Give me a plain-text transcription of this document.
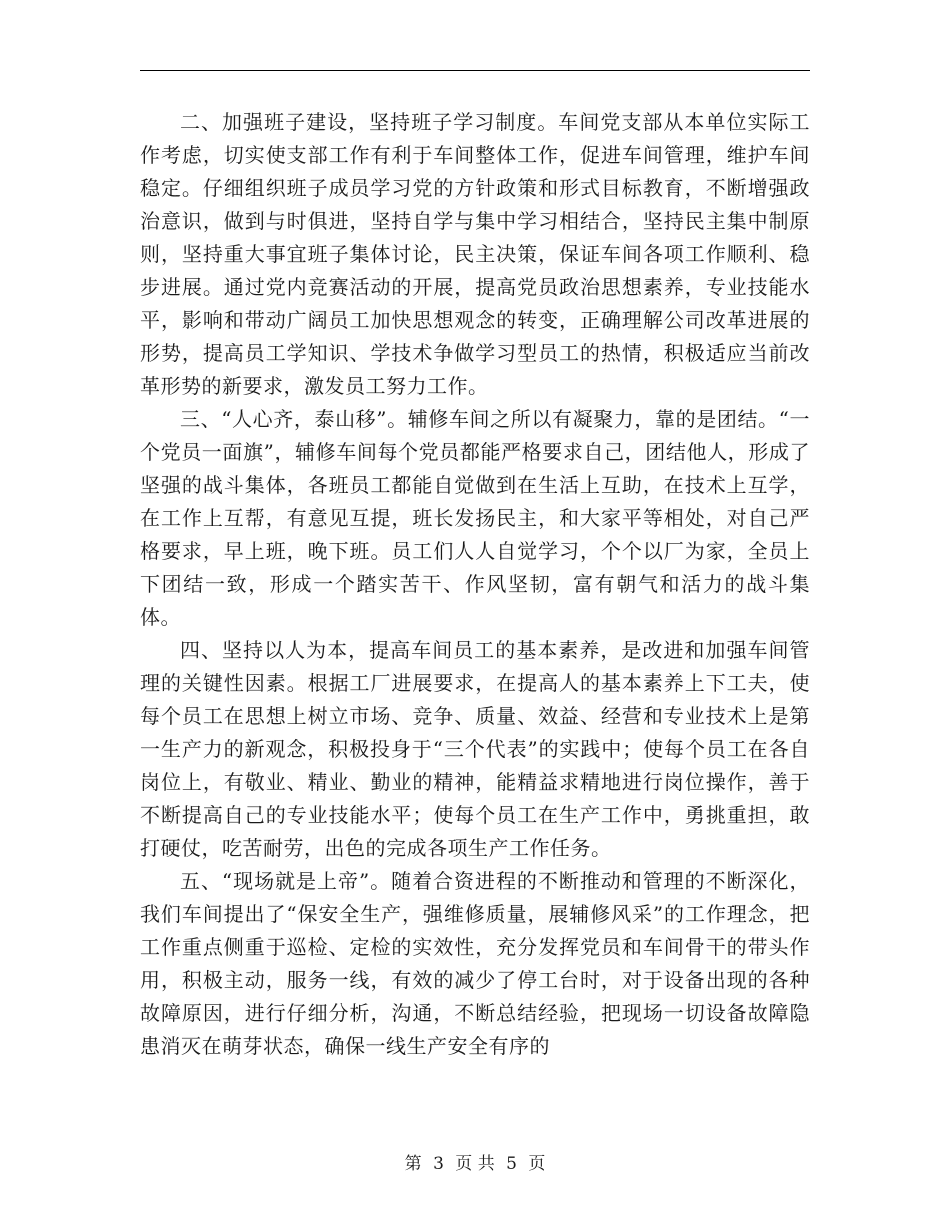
二、加强班子建设，坚持班子学习制度。车间党支部从本单位实际工作考虑，切实使支部工作有利于车间整体工作，促进车间管理，维护车间稳定。仔细组织班子成员学习党的方针政策和形式目标教育，不断增强政治意识，做到与时俱进，坚持自学与集中学习相结合，坚持民主集中制原则，坚持重大事宜班子集体讨论，民主决策，保证车间各项工作顺利、稳步进展。通过党内竞赛活动的开展，提高党员政治思想素养，专业技能水平，影响和带动广阔员工加快思想观念的转变，正确理解公司改革进展的形势，提高员工学知识、学技术争做学习型员工的热情，积极适应当前改革形势的新要求，激发员工努力工作。

三、“人心齐，泰山移”。辅修车间之所以有凝聚力，靠的是团结。“一个党员一面旗”，辅修车间每个党员都能严格要求自己，团结他人，形成了坚强的战斗集体，各班员工都能自觉做到在生活上互助，在技术上互学，在工作上互帮，有意见互提，班长发扬民主，和大家平等相处，对自己严格要求，早上班，晚下班。员工们人人自觉学习，个个以厂为家，全员上下团结一致，形成一个踏实苦干、作风坚韧，富有朝气和活力的战斗集体。

四、坚持以人为本，提高车间员工的基本素养，是改进和加强车间管理的关键性因素。根据工厂进展要求，在提高人的基本素养上下工夫，使每个员工在思想上树立市场、竞争、质量、效益、经营和专业技术上是第一生产力的新观念，积极投身于“三个代表”的实践中；使每个员工在各自岗位上，有敬业、精业、勤业的精神，能精益求精地进行岗位操作，善于不断提高自己的专业技能水平；使每个员工在生产工作中，勇挑重担，敢打硬仗，吃苦耐劳，出色的完成各项生产工作任务。

五、“现场就是上帝”。随着合资进程的不断推动和管理的不断深化，我们车间提出了“保安全生产，强维修质量，展辅修风采”的工作理念，把工作重点侧重于巡检、定检的实效性，充分发挥党员和车间骨干的带头作用，积极主动，服务一线，有效的减少了停工台时，对于设备出现的各种故障原因，进行仔细分析，沟通，不断总结经验，把现场一切设备故障隐患消灭在萌芽状态，确保一线生产安全有序的

第 3 页 共 5 页
